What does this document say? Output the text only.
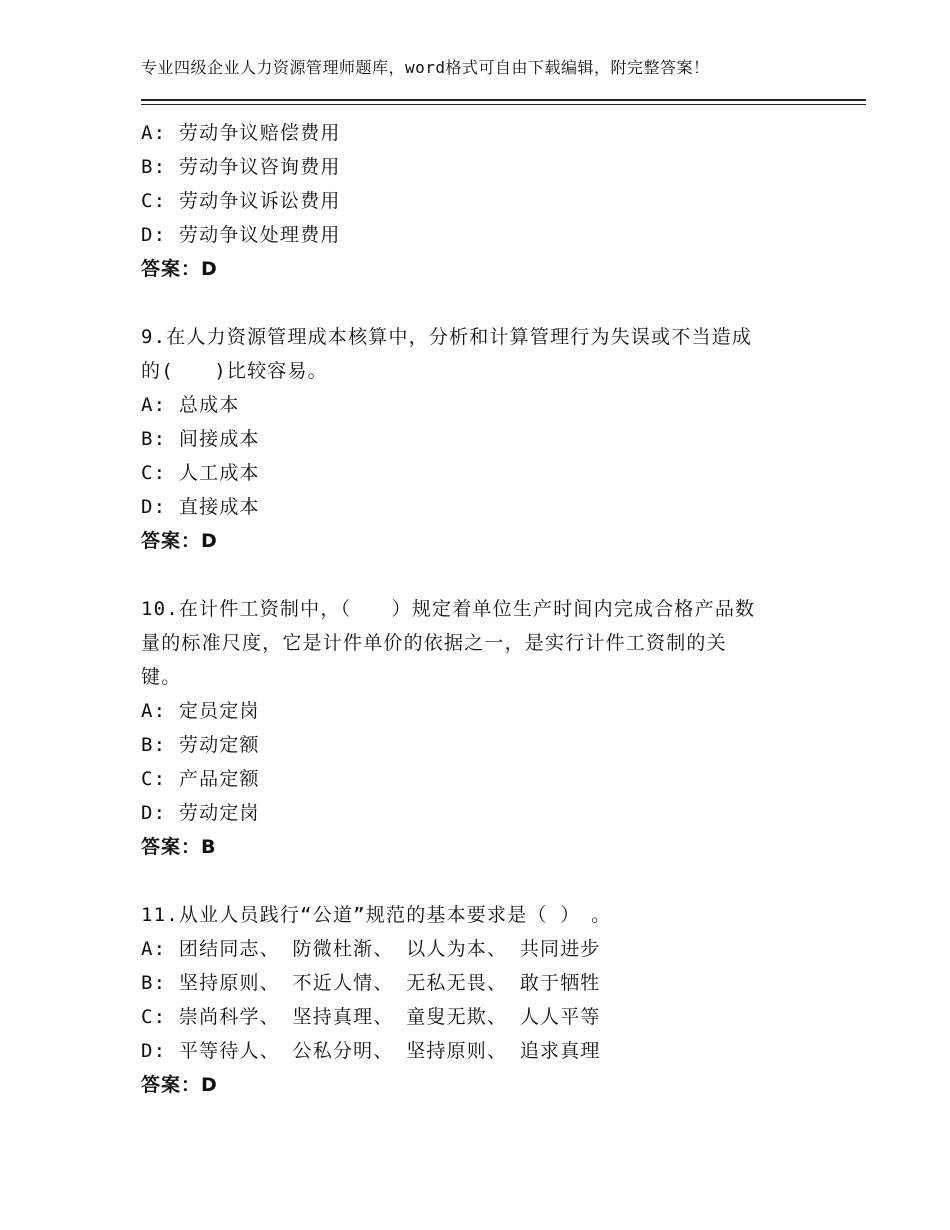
专业四级企业人力资源管理师题库，word格式可自由下载编辑，附完整答案！
A: 劳动争议赔偿费用
B: 劳动争议咨询费用
C: 劳动争议诉讼费用
D: 劳动争议处理费用
答案：D
9.在人力资源管理成本核算中，分析和计算管理行为失误或不当造成
的(　　)比较容易。
A: 总成本
B: 间接成本
C: 人工成本
D: 直接成本
答案：D
10.在计件工资制中，（　　）规定着单位生产时间内完成合格产品数
量的标准尺度，它是计件单价的依据之一，是实行计件工资制的关
键。
A: 定员定岗
B: 劳动定额
C: 产品定额
D: 劳动定岗
答案：B
11.从业人员践行“公道”规范的基本要求是（ ）　。
A: 团结同志、 防微杜渐、 以人为本、 共同进步
B: 坚持原则、 不近人情、 无私无畏、 敢于牺牲
C: 崇尚科学、 坚持真理、 童叟无欺、 人人平等
D: 平等待人、 公私分明、 坚持原则、 追求真理
答案：D
